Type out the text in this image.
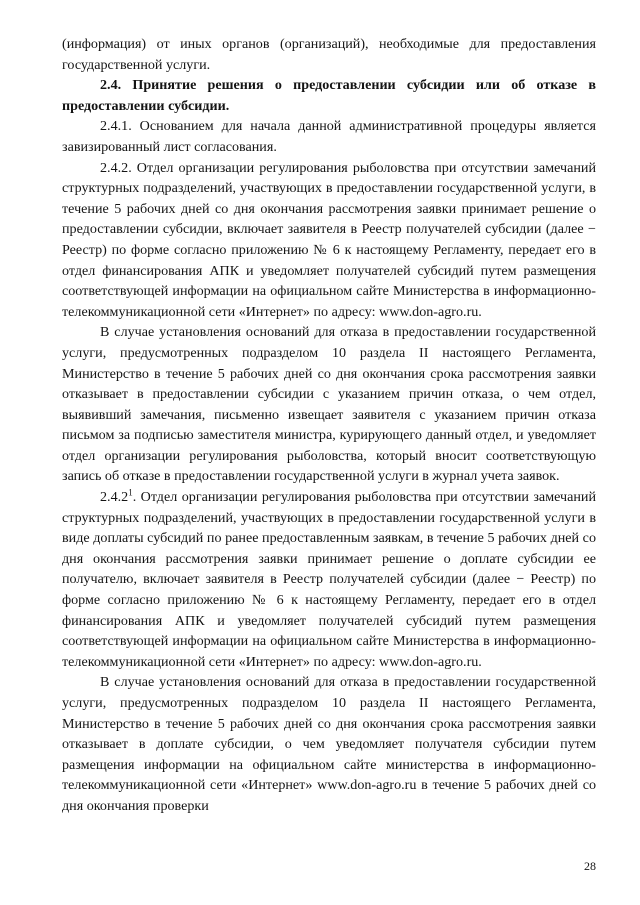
(информация) от иных органов (организаций), необходимые для предоставления государственной услуги.

2.4. Принятие решения о предоставлении субсидии или об отказе в предоставлении субсидии.

2.4.1. Основанием для начала данной административной процедуры является завизированный лист согласования.

2.4.2. Отдел организации регулирования рыболовства при отсутствии замечаний структурных подразделений, участвующих в предоставлении государственной услуги, в течение 5 рабочих дней со дня окончания рассмотрения заявки принимает решение о предоставлении субсидии, включает заявителя в Реестр получателей субсидии (далее − Реестр) по форме согласно приложению № 6 к настоящему Регламенту, передает его в отдел финансирования АПК и уведомляет получателей субсидий путем размещения соответствующей информации на официальном сайте Министерства в информационно-телекоммуникационной сети «Интернет» по адресу: www.don-agro.ru.

В случае установления оснований для отказа в предоставлении государственной услуги, предусмотренных подразделом 10 раздела II настоящего Регламента, Министерство в течение 5 рабочих дней со дня окончания срока рассмотрения заявки отказывает в предоставлении субсидии с указанием причин отказа, о чем отдел, выявивший замечания, письменно извещает заявителя с указанием причин отказа письмом за подписью заместителя министра, курирующего данный отдел, и уведомляет отдел организации регулирования рыболовства, который вносит соответствующую запись об отказе в предоставлении государственной услуги в журнал учета заявок.

2.4.2$^1$. Отдел организации регулирования рыболовства при отсутствии замечаний структурных подразделений, участвующих в предоставлении государственной услуги в виде доплаты субсидий по ранее предоставленным заявкам, в течение 5 рабочих дней со дня окончания рассмотрения заявки принимает решение о доплате субсидии ее получателю, включает заявителя в Реестр получателей субсидии (далее − Реестр) по форме согласно приложению № 6 к настоящему Регламенту, передает его в отдел финансирования АПК и уведомляет получателей субсидий путем размещения соответствующей информации на официальном сайте Министерства в информационно-телекоммуникационной сети «Интернет» по адресу: www.don-agro.ru.

В случае установления оснований для отказа в предоставлении государственной услуги, предусмотренных подразделом 10 раздела II настоящего Регламента, Министерство в течение 5 рабочих дней со дня окончания срока рассмотрения заявки отказывает в доплате субсидии, о чем уведомляет получателя субсидии путем размещения информации на официальном сайте министерства в информационно-телекоммуникационной сети «Интернет» www.don-agro.ru в течение 5 рабочих дней со дня окончания проверки

28
